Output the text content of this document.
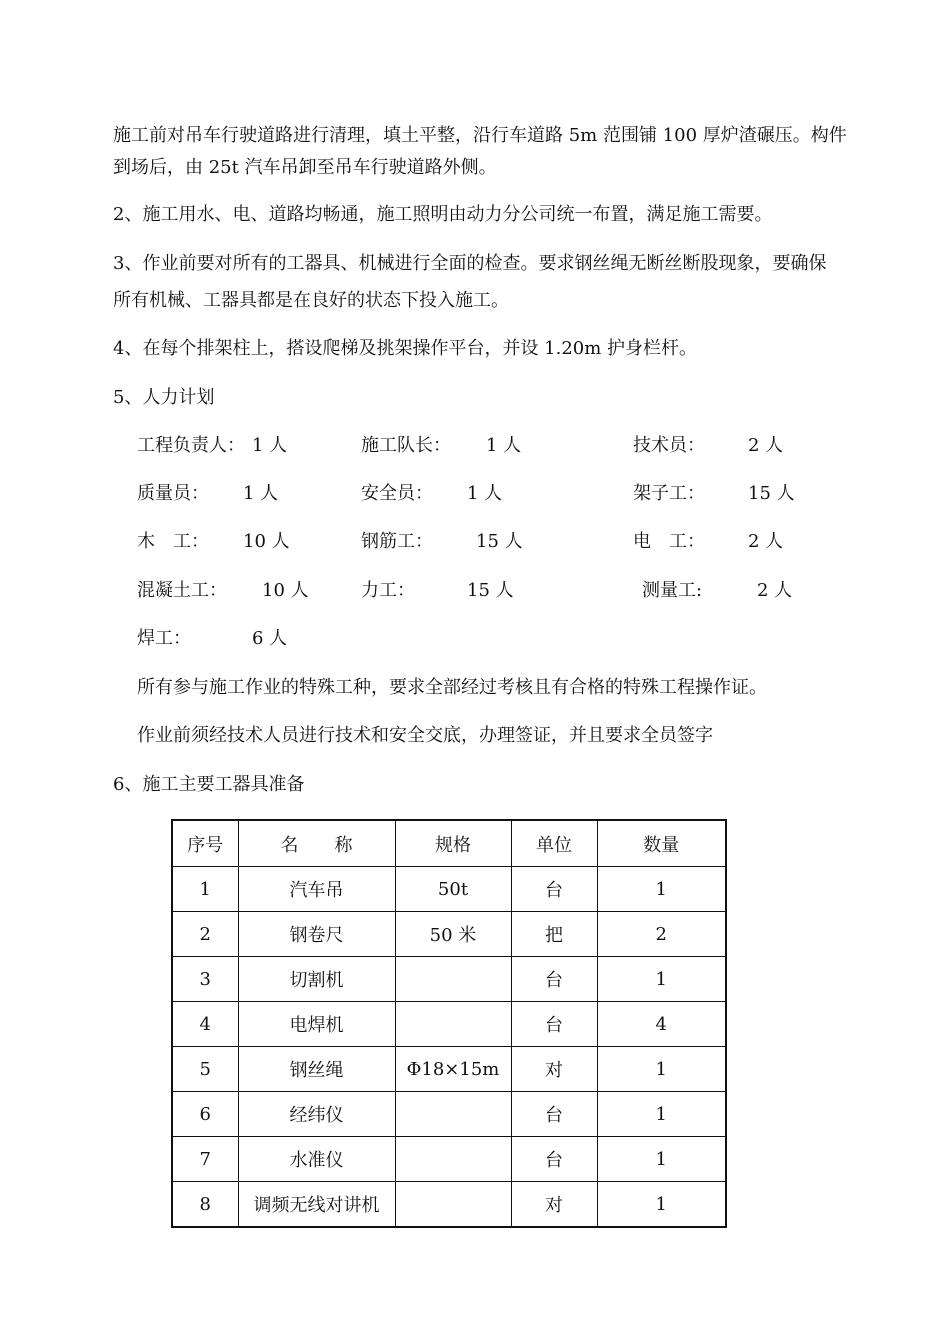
施工前对吊车行驶道路进行清理，填土平整，沿行车道路 5m 范围铺 100 厚炉渣碾压。构件
到场后，由 25t 汽车吊卸至吊车行驶道路外侧。
2、施工用水、电、道路均畅通，施工照明由动力分公司统一布置，满足施工需要。
3、作业前要对所有的工器具、机械进行全面的检查。要求钢丝绳无断丝断股现象，要确保
所有机械、工器具都是在良好的状态下投入施工。
4、在每个排架柱上，搭设爬梯及挑架操作平台，并设 1.20m 护身栏杆。
5、人力计划
工程负责人： 1 人	施工队长： 1 人	技术员： 2 人
质量员： 1 人	安全员： 1 人	架子工： 15 人
木　工： 10 人	钢筋工： 15 人	电　工： 2 人
混凝土工： 10 人	力工：	15 人	测量工:	2 人
焊工：	6 人
所有参与施工作业的特殊工种，要求全部经过考核且有合格的特殊工程操作证。
作业前须经技术人员进行技术和安全交底，办理签证，并且要求全员签字
6、施工主要工器具准备
序号	名　　称	规格	单位	数量
1	汽车吊	50t	台	1
2	钢卷尺	50 米	把	2
3	切割机		台	1
4	电焊机		台	4
5	钢丝绳	Φ18×15m	对	1
6	经纬仪		台	1
7	水准仪		台	1
8	调频无线对讲机		对	1
